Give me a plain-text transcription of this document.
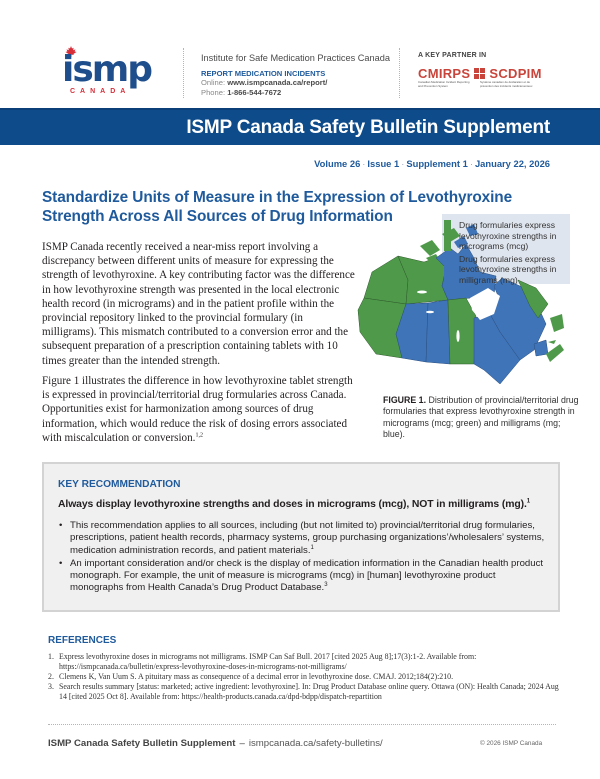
ismp
CANADA
Institute for Safe Medication Practices Canada
REPORT MEDICATION INCIDENTS
Online: www.ismpcanada.ca/report/
Phone: 1-866-544-7672
A KEY PARTNER IN
CMIRPS SCDPIM
Canadian Medication Incident Reporting and Prevention System
Système canadien de déclaration et de prévention des incidents médicamenteux
ISMP Canada Safety Bulletin Supplement
Volume 26 · Issue 1 · Supplement 1 · January 22, 2026
Standardize Units of Measure in the Expression of Levothyroxine Strength Across All Sources of Drug Information

ISMP Canada recently received a near-miss report involving a discrepancy between different units of measure for expressing the strength of levothyroxine. A key contributing factor was the difference in how levothyroxine strength was presented in the local electronic health record (in micrograms) and in the patient profile within the provincial repository linked to the provincial formulary (in milligrams). This mismatch contributed to a conversion error and the subsequent preparation of a prescription containing tablets with 10 times greater than the intended strength.

Figure 1 illustrates the difference in how levothyroxine tablet strength is expressed in provincial/territorial drug formularies across Canada. Opportunities exist for harmonization among sources of drug information, which would reduce the risk of dosing errors associated with miscalculation or conversion.$^{1,2}$

Drug formularies express levothyroxine strengths in micrograms (mcg)
Drug formularies express levothyroxine strengths in milligrams (mg)
FIGURE 1. Distribution of provincial/territorial drug formularies that express levothyroxine strength in micrograms (mcg; green) and milligrams (mg; blue).
KEY RECOMMENDATION
Always display levothyroxine strengths and doses in micrograms (mcg), NOT in milligrams (mg).$^1$
• This recommendation applies to all sources, including (but not limited to) provincial/territorial drug formularies, prescriptions, patient health records, pharmacy systems, group purchasing organizations’/wholesalers’ systems, medication administration records, and patient materials.$^1$
• An important consideration and/or check is the display of medication information in the Canadian health product monograph. For example, the unit of measure is micrograms (mcg) in [human] levothyroxine product monographs from Health Canada’s Drug Product Database.$^3$
REFERENCES
1. Express levothyroxine doses in micrograms not milligrams. ISMP Can Saf Bull. 2017 [cited 2025 Aug 8];17(3):1-2. Available from: https://ismpcanada.ca/bulletin/express-levothyroxine-doses-in-micrograms-not-milligrams/
2. Clemens K, Van Uum S. A pituitary mass as consequence of a decimal error in levothyroxine dose. CMAJ. 2012;184(2):210.
3. Search results summary [status: marketed; active ingredient: levothyroxine]. In: Drug Product Database online query. Ottawa (ON): Health Canada; 2024 Aug 14 [cited 2025 Oct 8]. Available from: https://health-products.canada.ca/dpd-bdpp/dispatch-repartition
ISMP Canada Safety Bulletin Supplement – ismpcanada.ca/safety-bulletins/	© 2026 ISMP Canada
